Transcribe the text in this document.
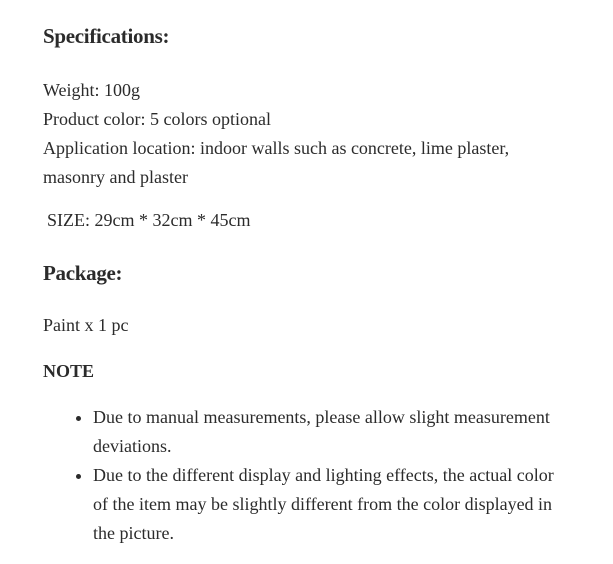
Specifications:
Weight: 100g
Product color: 5 colors optional
Application location: indoor walls such as concrete, lime plaster,
masonry and plaster

SIZE: 29cm * 32cm * 45cm

Package:

Paint x 1 pc

NOTE
Due to manual measurements, please allow slight measurement deviations.
Due to the different display and lighting effects, the actual color of the item may be slightly different from the color displayed in the picture.
